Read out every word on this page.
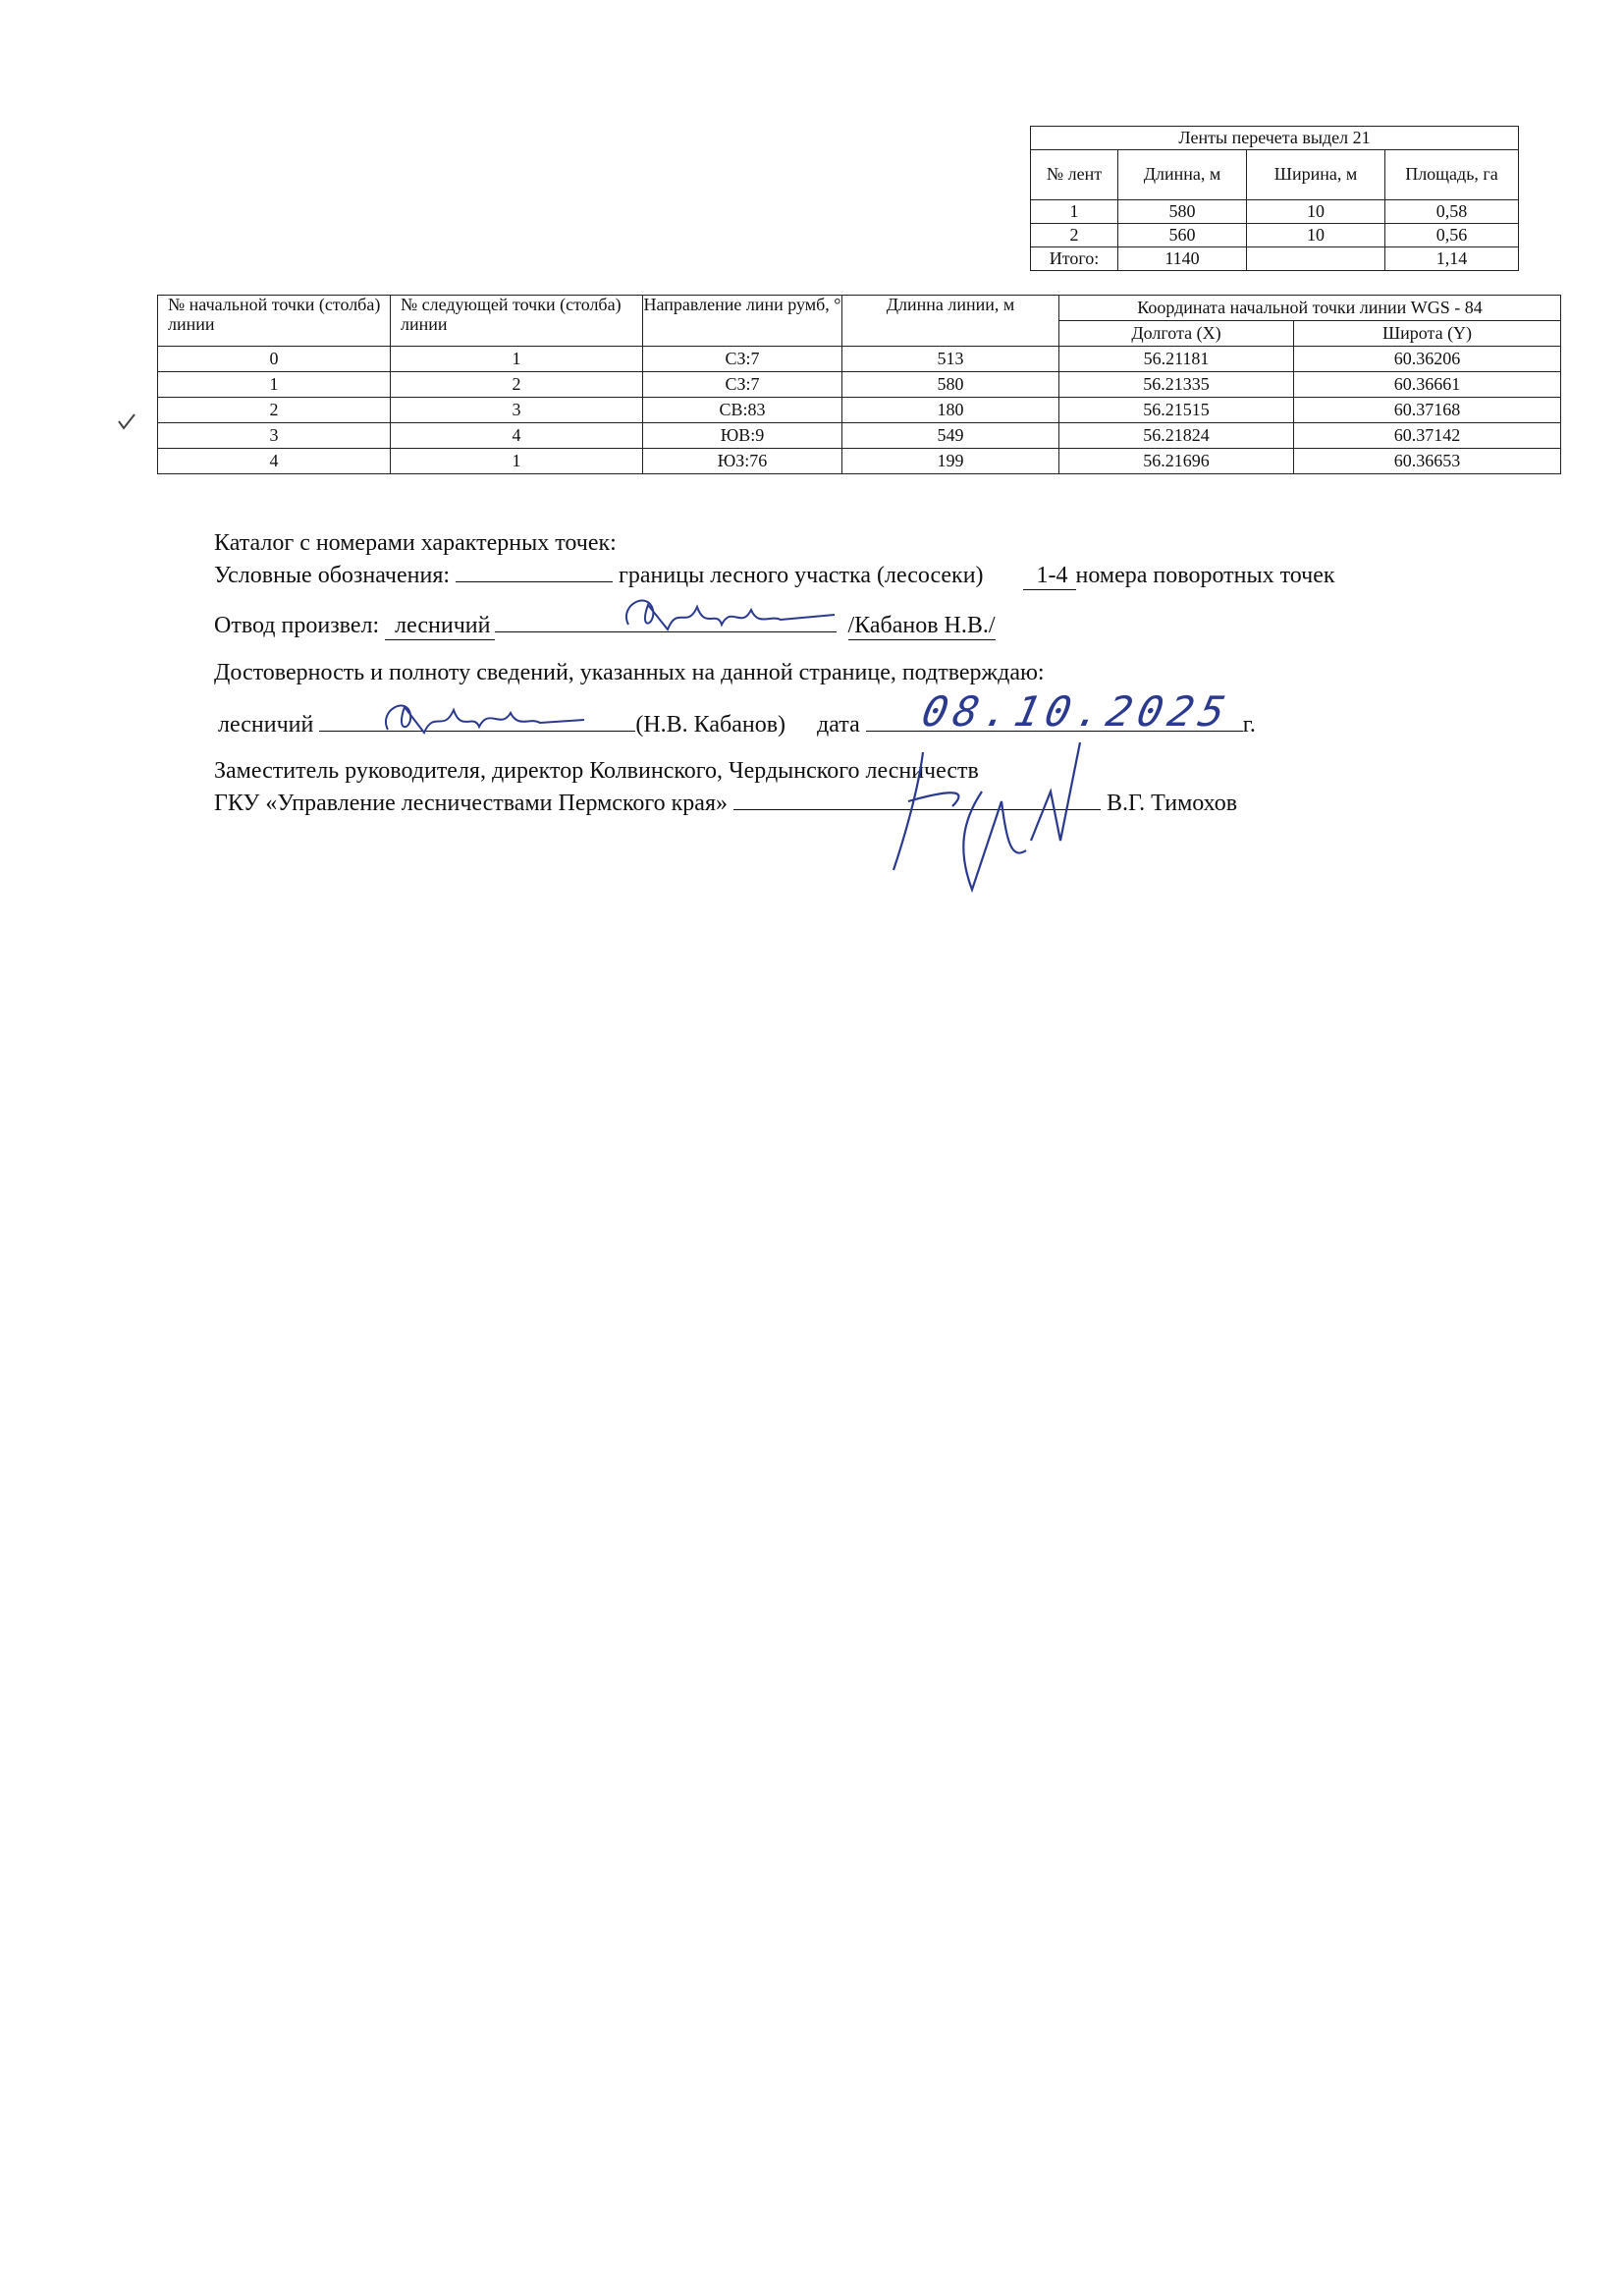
Ленты перечета выдел 21			
№ лент	Длинна, м	Ширина, м	Площадь, га
1	580	10	0,58
2	560	10	0,56
Итого:	1140		1,14
№ начальной точки (столба) линии	№ следующей точки (столба) линии	Направление лини румб, °	Длинна линии, м	Координата начальной точки линии WGS - 84	
				Долгота (X)	Широта (Y)
0	1	СЗ:7	513	56.21181	60.36206
1	2	СЗ:7	580	56.21335	60.36661
2	3	СВ:83	180	56.21515	60.37168
3	4	ЮВ:9	549	56.21824	60.37142
4	1	ЮЗ:76	199	56.21696	60.36653
Каталог с номерами характерных точек:
Условные обозначения:	границы лесного участка (лесосеки) 1-4 номера поворотных точек
Отвод произвел: лесничий	/Кабанов Н.В./
Достоверность и полноту сведений, указанных на данной странице, подтверждаю:
лесничий	(Н.В. Кабанов) дата	г.
08.10.2025
Заместитель руководителя, директор Колвинского, Чердынского лесничеств
ГКУ «Управление лесничествами Пермского края»	В.Г. Тимохов
